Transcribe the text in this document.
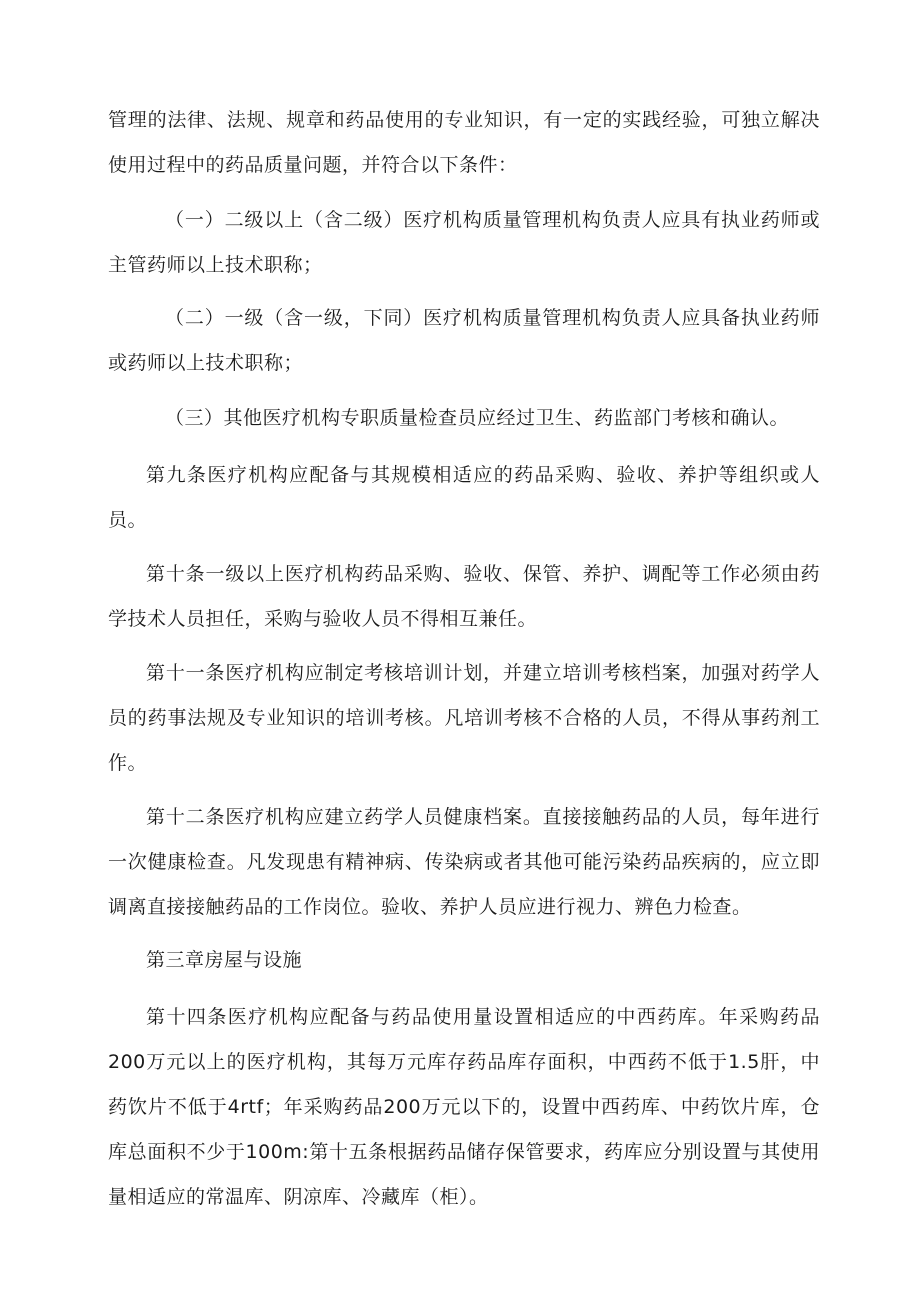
管理的法律、法规、规章和药品使用的专业知识，有一定的实践经验，可独立解决使用过程中的药品质量问题，并符合以下条件：

（一）二级以上（含二级）医疗机构质量管理机构负责人应具有执业药师或主管药师以上技术职称；

（二）一级（含一级，下同）医疗机构质量管理机构负责人应具备执业药师或药师以上技术职称；

（三）其他医疗机构专职质量检查员应经过卫生、药监部门考核和确认。

第九条医疗机构应配备与其规模相适应的药品采购、验收、养护等组织或人员。

第十条一级以上医疗机构药品采购、验收、保管、养护、调配等工作必须由药学技术人员担任，采购与验收人员不得相互兼任。

第十一条医疗机构应制定考核培训计划，并建立培训考核档案，加强对药学人员的药事法规及专业知识的培训考核。凡培训考核不合格的人员，不得从事药剂工作。

第十二条医疗机构应建立药学人员健康档案。直接接触药品的人员，每年进行一次健康检查。凡发现患有精神病、传染病或者其他可能污染药品疾病的，应立即调离直接接触药品的工作岗位。验收、养护人员应进行视力、辨色力检查。

第三章房屋与设施

第十四条医疗机构应配备与药品使用量设置相适应的中西药库。年采购药品200万元以上的医疗机构，其每万元库存药品库存面积，中西药不低于1.5肝，中药饮片不低于4rtf；年采购药品200万元以下的，设置中西药库、中药饮片库，仓库总面积不少于100m:第十五条根据药品储存保管要求，药库应分别设置与其使用量相适应的常温库、阴凉库、冷藏库（柜）。
